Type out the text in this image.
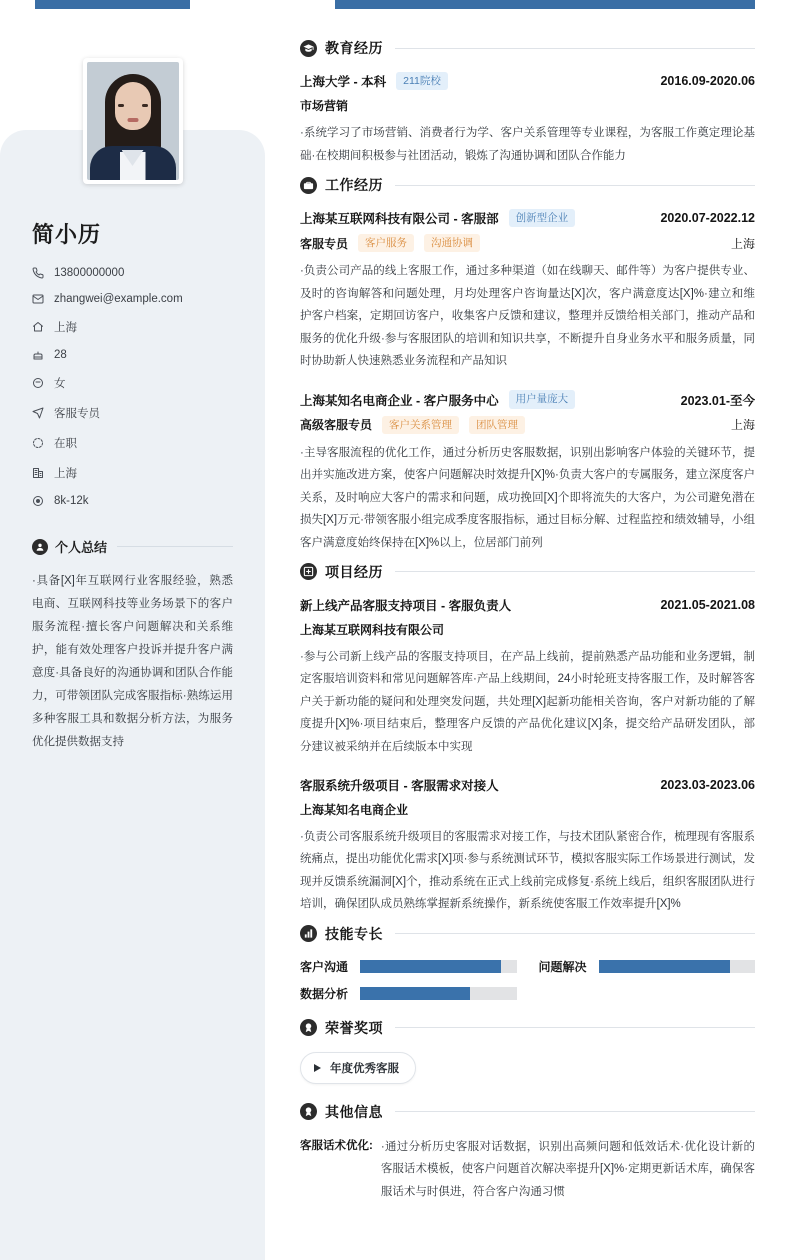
简小历
13800000000
zhangwei@example.com
上海
28
女
客服专员
在职
上海
8k-12k
个人总结
·具备[X]年互联网行业客服经验，熟悉电商、互联网科技等业务场景下的客户服务流程·擅长客户问题解决和关系维护，能有效处理客户投诉并提升客户满意度·具备良好的沟通协调和团队合作能力，可带领团队完成客服指标·熟练运用多种客服工具和数据分析方法，为服务优化提供数据支持
教育经历
上海大学 - 本科	211院校	2016.09-2020.06
市场营销
·系统学习了市场营销、消费者行为学、客户关系管理等专业课程，为客服工作奠定理论基础·在校期间积极参与社团活动，锻炼了沟通协调和团队合作能力
工作经历
上海某互联网科技有限公司 - 客服部	创新型企业	2020.07-2022.12
客服专员	客户服务	沟通协调	上海
·负责公司产品的线上客服工作，通过多种渠道（如在线聊天、邮件等）为客户提供专业、及时的咨询解答和问题处理，月均处理客户咨询量达[X]次，客户满意度达[X]%·建立和维护客户档案，定期回访客户，收集客户反馈和建议，整理并反馈给相关部门，推动产品和服务的优化升级·参与客服团队的培训和知识共享，不断提升自身业务水平和服务质量，同时协助新人快速熟悉业务流程和产品知识
上海某知名电商企业 - 客户服务中心	用户量庞大	2023.01-至今
高级客服专员	客户关系管理	团队管理	上海
·主导客服流程的优化工作，通过分析历史客服数据，识别出影响客户体验的关键环节，提出并实施改进方案，使客户问题解决时效提升[X]%·负责大客户的专属服务，建立深度客户关系，及时响应大客户的需求和问题，成功挽回[X]个即将流失的大客户，为公司避免潜在损失[X]万元·带领客服小组完成季度客服指标，通过目标分解、过程监控和绩效辅导，小组客户满意度始终保持在[X]%以上，位居部门前列
项目经历
新上线产品客服支持项目 - 客服负责人	2021.05-2021.08
上海某互联网科技有限公司
·参与公司新上线产品的客服支持项目，在产品上线前，提前熟悉产品功能和业务逻辑，制定客服培训资料和常见问题解答库·产品上线期间，24小时轮班支持客服工作，及时解答客户关于新功能的疑问和处理突发问题，共处理[X]起新功能相关咨询，客户对新功能的了解度提升[X]%·项目结束后，整理客户反馈的产品优化建议[X]条，提交给产品研发团队，部分建议被采纳并在后续版本中实现
客服系统升级项目 - 客服需求对接人	2023.03-2023.06
上海某知名电商企业
·负责公司客服系统升级项目的客服需求对接工作，与技术团队紧密合作，梳理现有客服系统痛点，提出功能优化需求[X]项·参与系统测试环节，模拟客服实际工作场景进行测试，发现并反馈系统漏洞[X]个，推动系统在正式上线前完成修复·系统上线后，组织客服团队进行培训，确保团队成员熟练掌握新系统操作，新系统使客服工作效率提升[X]%
技能专长
客户沟通	问题解决
数据分析
荣誉奖项
年度优秀客服
其他信息
客服话术优化: ·通过分析历史客服对话数据，识别出高频问题和低效话术·优化设计新的客服话术模板，使客户问题首次解决率提升[X]%·定期更新话术库，确保客服话术与时俱进，符合客户沟通习惯
